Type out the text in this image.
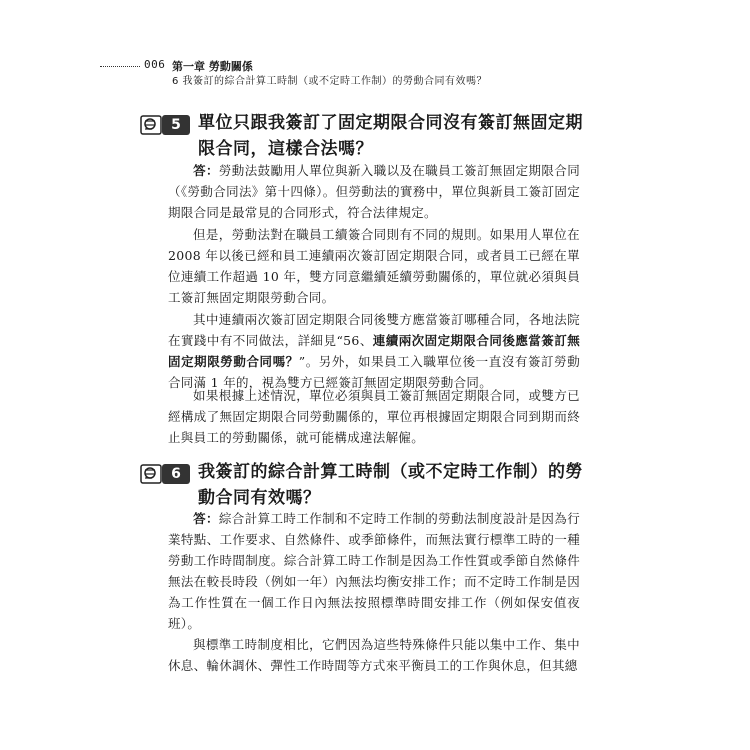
006 第一章 勞動關係
6 我簽訂的綜合計算工時制（或不定時工作制）的勞動合同有效嗎？
5	單位只跟我簽訂了固定期限合同沒有簽訂無固定期限合同，這樣合法嗎？
答：勞動法鼓勵用人單位與新入職以及在職員工簽訂無固定期限合同（《勞動合同法》第十四條）。但勞動法的實務中，單位與新員工簽訂固定期限合同是最常見的合同形式，符合法律規定。
但是，勞動法對在職員工續簽合同則有不同的規則。如果用人單位在2008 年以後已經和員工連續兩次簽訂固定期限合同，或者員工已經在單位連續工作超過 10 年，雙方同意繼續延續勞動關係的，單位就必須與員工簽訂無固定期限勞動合同。
其中連續兩次簽訂固定期限合同後雙方應當簽訂哪種合同，各地法院在實踐中有不同做法，詳細見“56、連續兩次固定期限合同後應當簽訂無固定期限勞動合同嗎？”。另外，如果員工入職單位後一直沒有簽訂勞動合同滿 1 年的，視為雙方已經簽訂無固定期限勞動合同。
如果根據上述情況，單位必須與員工簽訂無固定期限合同，或雙方已經構成了無固定期限合同勞動關係的，單位再根據固定期限合同到期而終止與員工的勞動關係，就可能構成違法解僱。
6	我簽訂的綜合計算工時制（或不定時工作制）的勞動合同有效嗎？
答：綜合計算工時工作制和不定時工作制的勞動法制度設計是因為行業特點、工作要求、自然條件、或季節條件，而無法實行標準工時的一種勞動工作時間制度。綜合計算工時工作制是因為工作性質或季節自然條件無法在較長時段（例如一年）內無法均衡安排工作；而不定時工作制是因為工作性質在一個工作日內無法按照標準時間安排工作（例如保安值夜班）。
與標準工時制度相比，它們因為這些特殊條件只能以集中工作、集中休息、輪休調休、彈性工作時間等方式來平衡員工的工作與休息，但其總
